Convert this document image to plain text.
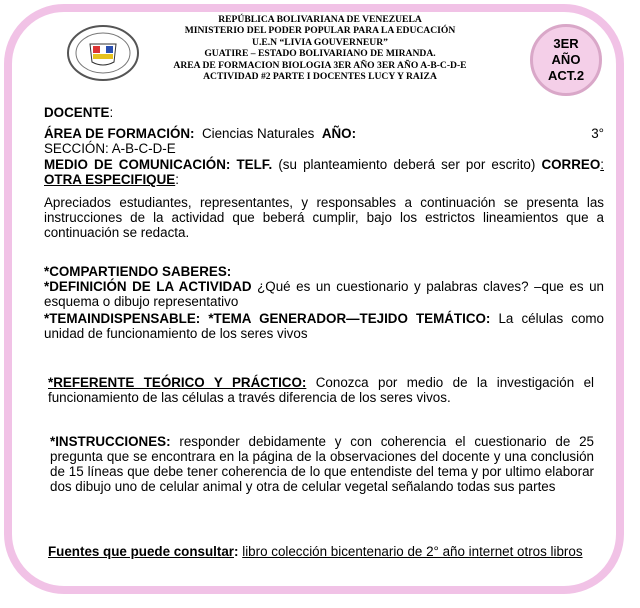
REPÚBLICA BOLIVARIANA DE VENEZUELA
MINISTERIO DEL PODER POPULAR PARA LA EDUCACIÓN
U.E.N “LIVIA GOUVERNEUR”
GUATIRE – ESTADO BOLIVARIANO DE MIRANDA.
AREA DE FORMACION BIOLOGIA 3ER AÑO 3ER AÑO A-B-C-D-E
ACTIVIDAD #2 PARTE I DOCENTES LUCY Y RAIZA
3ER
AÑO
ACT.2
DOCENTE:
ÁREA DE FORMACIÓN: Ciencias Naturales AÑO:	3°
SECCIÓN: A-B-C-D-E
MEDIO DE COMUNICACIÓN: TELF. (su planteamiento deberá ser por escrito) CORREO: OTRA ESPECIFIQUE:
Apreciados estudiantes, representantes, y responsables a continuación se presenta las instrucciones de la actividad que beberá cumplir, bajo los estrictos lineamientos que a continuación se redacta.
*COMPARTIENDO SABERES:
*DEFINICIÓN DE LA ACTIVIDAD ¿Qué es un cuestionario y palabras claves? –que es un esquema o dibujo representativo
*TEMAINDISPENSABLE: *TEMA GENERADOR—TEJIDO TEMÁTICO: La células como unidad de funcionamiento de los seres vivos
*REFERENTE TEÓRICO Y PRÁCTICO: Conozca por medio de la investigación el funcionamiento de las células a través diferencia de los seres vivos.
*INSTRUCCIONES: responder debidamente y con coherencia el cuestionario de 25 pregunta que se encontrara en la página de la observaciones del docente y una conclusión de 15 líneas que debe tener coherencia de lo que entendiste del tema y por ultimo elaborar dos dibujo uno de celular animal y otra de celular vegetal señalando todas sus partes
Fuentes que puede consultar: libro colección bicentenario de 2° año internet otros libros
